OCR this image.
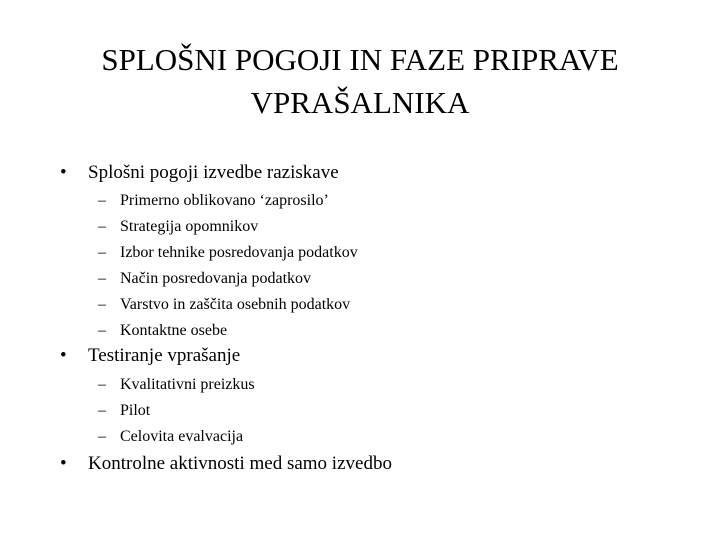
SPLOŠNI POGOJI IN FAZE PRIPRAVE
VPRAŠALNIKA
• Splošni pogoji izvedbe raziskave
– Primerno oblikovano ‘zaprosilo’
– Strategija opomnikov
– Izbor tehnike posredovanja podatkov
– Način posredovanja podatkov
– Varstvo in zaščita osebnih podatkov
– Kontaktne osebe
• Testiranje vprašanje
– Kvalitativni preizkus
– Pilot
– Celovita evalvacija
• Kontrolne aktivnosti med samo izvedbo
